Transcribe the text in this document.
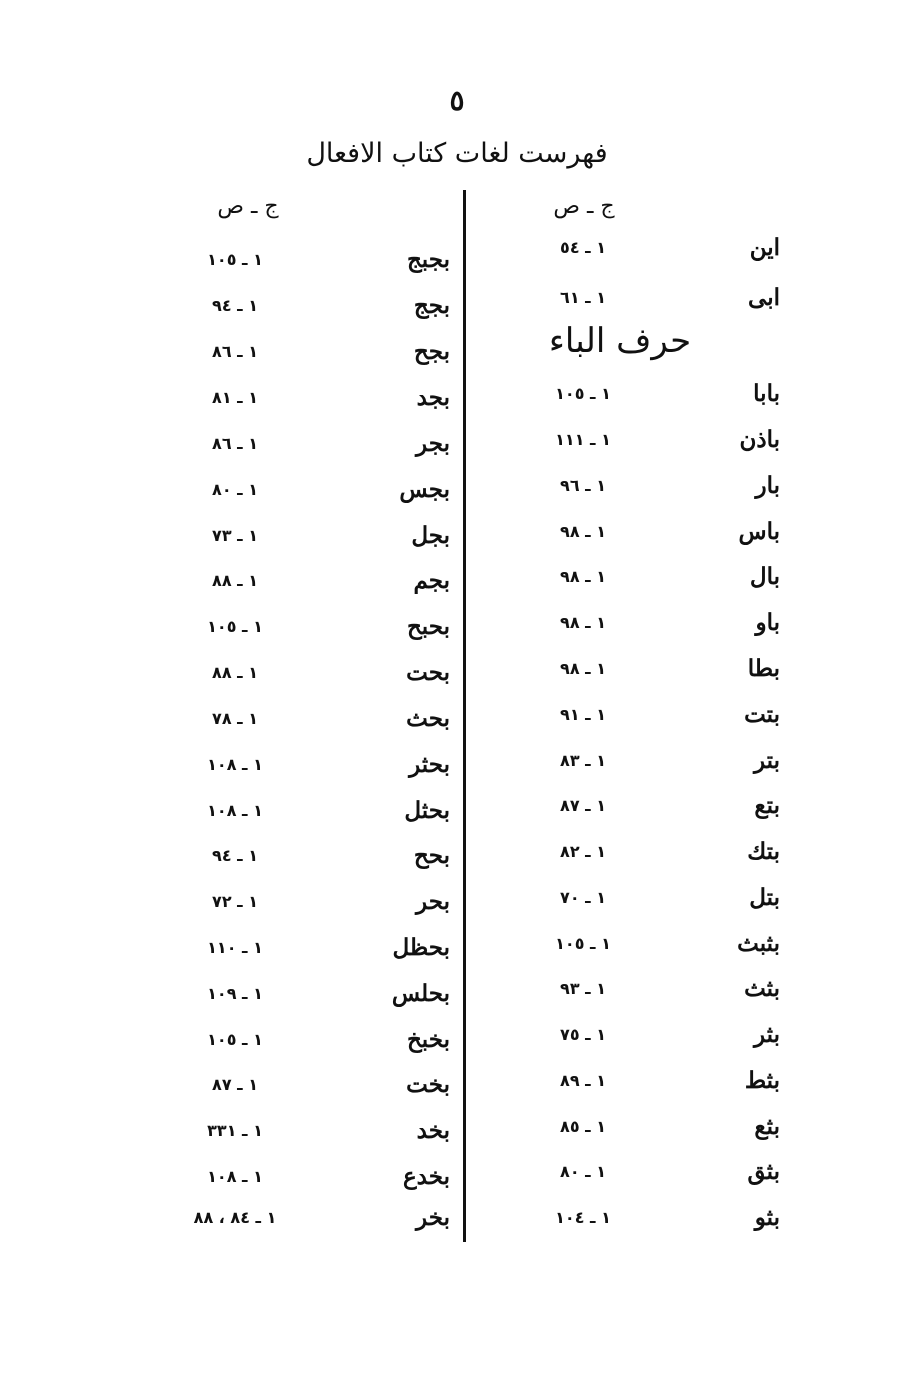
٥
فهرست لغات كتاب الافعال
ج ـ ص
ج ـ ص
حرف الباء
اين
١ ـ ٥٤
ابى
١ ـ ٦١
بابا
١ ـ ١٠٥
باذن
١ ـ ١١١
بار
١ ـ ٩٦
باس
١ ـ ٩٨
بال
١ ـ ٩٨
باو
١ ـ ٩٨
بطا
١ ـ ٩٨
بتت
١ ـ ٩١
بتر
١ ـ ٨٣
بتع
١ ـ ٨٧
بتك
١ ـ ٨٢
بتل
١ ـ ٧٠
بثبث
١ ـ ١٠٥
بثث
١ ـ ٩٣
بثر
١ ـ ٧٥
بثط
١ ـ ٨٩
بثع
١ ـ ٨٥
بثق
١ ـ ٨٠
بثو
١ ـ ١٠٤
بجبج
١ ـ ١٠٥
بجج
١ ـ ٩٤
بجح
١ ـ ٨٦
بجد
١ ـ ٨١
بجر
١ ـ ٨٦
بجس
١ ـ ٨٠
بجل
١ ـ ٧٣
بجم
١ ـ ٨٨
بحبح
١ ـ ١٠٥
بحت
١ ـ ٨٨
بحث
١ ـ ٧٨
بحثر
١ ـ ١٠٨
بحثل
١ ـ ١٠٨
بحح
١ ـ ٩٤
بحر
١ ـ ٧٢
بحظل
١ ـ ١١٠
بحلس
١ ـ ١٠٩
بخبخ
١ ـ ١٠٥
بخت
١ ـ ٨٧
بخد
١ ـ ٣٣١
بخدع
١ ـ ١٠٨
بخر
١ ـ ٨٤ ، ٨٨
